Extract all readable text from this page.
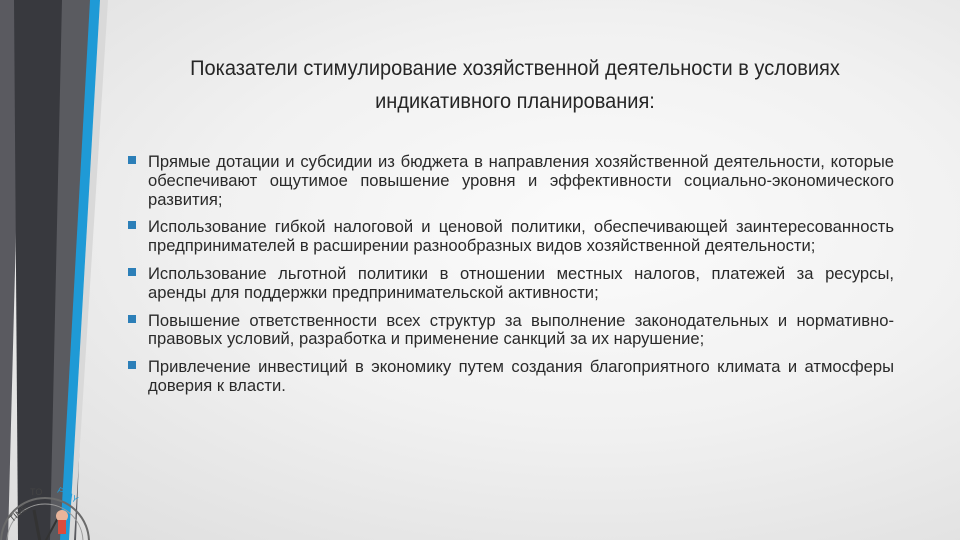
TIME
TO PLAY
Показатели стимулирование хозяйственной деятельности в условиях
индикативного планирования:
Прямые дотации и субсидии из бюджета в направления хозяйственной деятельности, которые обеспечивают ощутимое повышение уровня и эффективности социально-экономического развития;
Использование гибкой налоговой и ценовой политики, обеспечивающей заинтересованность предпринимателей в расширении разнообразных видов хозяйственной деятельности;
Использование льготной политики в отношении местных налогов, платежей за ресурсы, аренды для поддержки предпринимательской активности;
Повышение ответственности всех структур за выполнение законодательных и нормативно-правовых условий, разработка и применение санкций за их нарушение;
Привлечение инвестиций в экономику путем создания благоприятного климата и атмосферы доверия к власти.
